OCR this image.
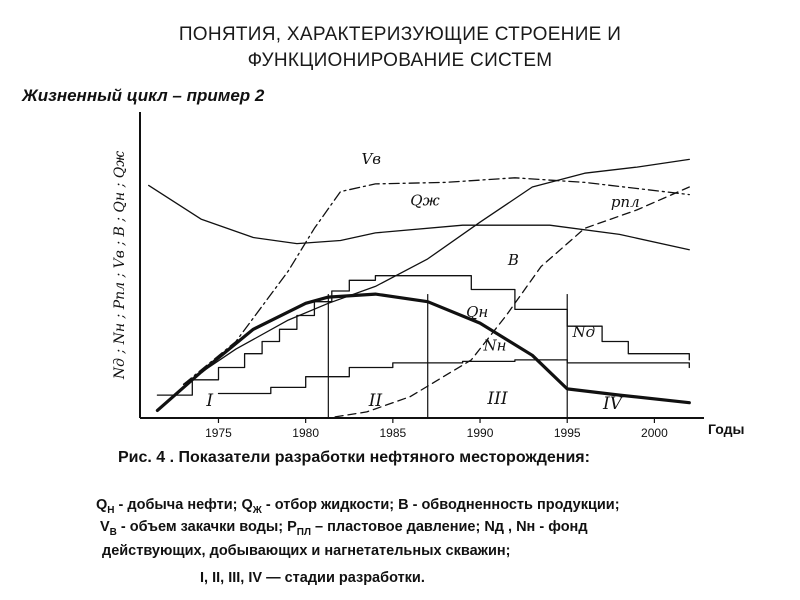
ПОНЯТИЯ, ХАРАКТЕРИЗУЮЩИЕ СТРОЕНИЕ И
ФУНКЦИОНИРОВАНИЕ СИСТЕМ
Жизненный цикл – пример 2
1975	1980	1985	1990	1995	2000	Годы
Nд ; Nн ; Рпл ; Vв ; В ; Qн ; Qж
I	II	III	IV
Qн
Qж
Vв
рпл
В
Nд
Nн
Рис. 4 . Показатели разработки нефтяного месторождения:
$Q_Н$ - добыча нефти; $Q_Ж$ - отбор жидкости; В - обводненность продукции;
$V_В$ - объем закачки воды; $Р_{ПЛ}$ – пластовое давление; Nд , Nн - фонд
действующих, добывающих и нагнетательных скважин;
I, II, III, IV — стадии разработки.
